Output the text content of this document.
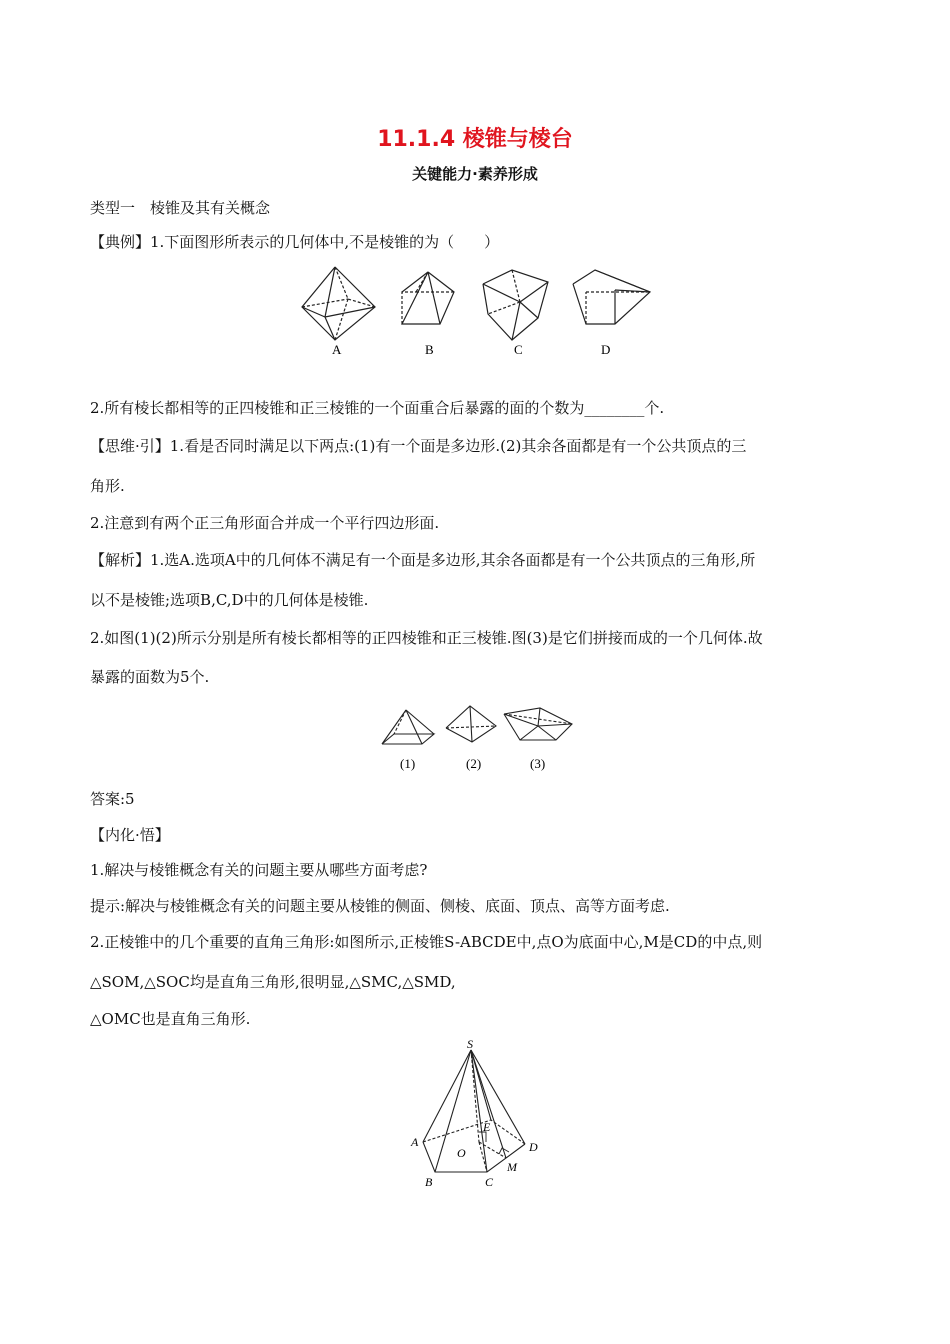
11.1.4 棱锥与棱台
关键能力·素养形成
类型一　棱锥及其有关概念
【典例】1.下面图形所表示的几何体中,不是棱锥的为（　　）
A	B	C	D
2.所有棱长都相等的正四棱锥和正三棱锥的一个面重合后暴露的面的个数为________个.
【思维·引】1.看是否同时满足以下两点:(1)有一个面是多边形.(2)其余各面都是有一个公共顶点的三
角形.
2.注意到有两个正三角形面合并成一个平行四边形面.
【解析】1.选A.选项A中的几何体不满足有一个面是多边形,其余各面都是有一个公共顶点的三角形,所
以不是棱锥;选项B,C,D中的几何体是棱锥.
2.如图(1)(2)所示分别是所有棱长都相等的正四棱锥和正三棱锥.图(3)是它们拼接而成的一个几何体.故
暴露的面数为5个.
(1)	(2)	(3)
答案:5
【内化·悟】
1.解决与棱锥概念有关的问题主要从哪些方面考虑?
提示:解决与棱锥概念有关的问题主要从棱锥的侧面、侧棱、底面、顶点、高等方面考虑.
2.正棱锥中的几个重要的直角三角形:如图所示,正棱锥S-ABCDE中,点O为底面中心,M是CD的中点,则
△SOM,△SOC均是直角三角形,很明显,△SMC,△SMD,
△OMC也是直角三角形.
S
A
B	C
D
E
O
M
